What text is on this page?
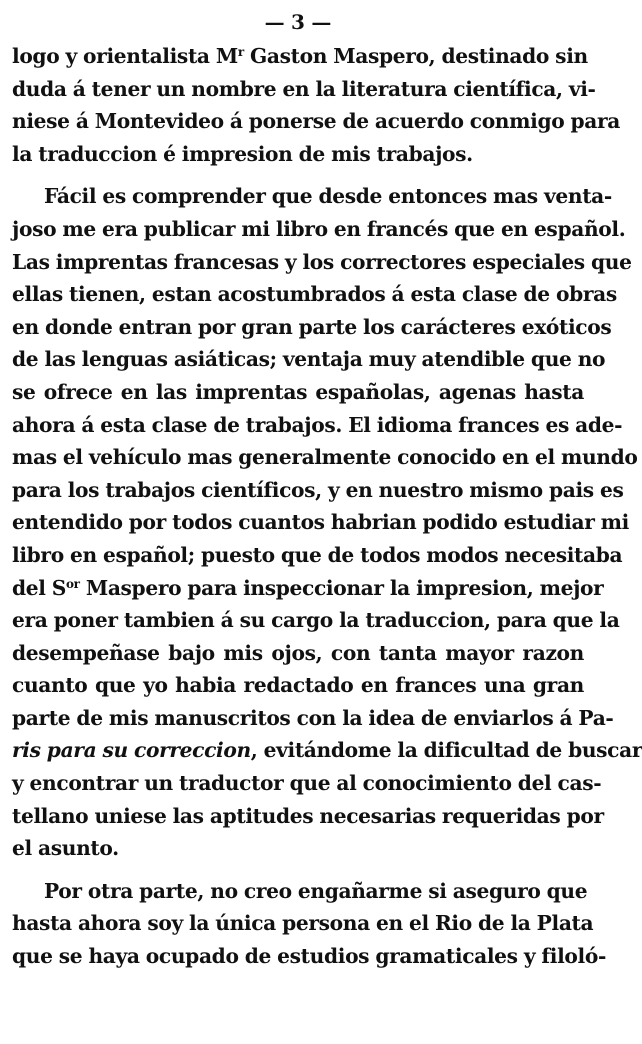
— 3 —
logo y orientalista $M^r$ Gaston Maspero, destinado sin
duda á tener un nombre en la literatura científica, vi-
niese á Montevideo á ponerse de acuerdo conmigo para
la traduccion é impresion de mis trabajos.
Fácil es comprender que desde entonces mas venta-
joso me era publicar mi libro en francés que en español.
Las imprentas francesas y los correctores especiales que
ellas tienen, estan acostumbrados á esta clase de obras
en donde entran por gran parte los carácteres exóticos
de las lenguas asiáticas; ventaja muy atendible que no
se ofrece en las imprentas españolas, agenas hasta
ahora á esta clase de trabajos. El idioma frances es ade-
mas el vehículo mas generalmente conocido en el mundo
para los trabajos científicos, y en nuestro mismo pais es
entendido por todos cuantos habrian podido estudiar mi
libro en español; puesto que de todos modos necesitaba
del $S^{or}$ Maspero para inspeccionar la impresion, mejor
era poner tambien á su cargo la traduccion, para que la
desempeñase bajo mis ojos, con tanta mayor razon
cuanto que yo habia redactado en frances una gran
parte de mis manuscritos con la idea de enviarlos á Pa-
ris para su correccion, evitándome la dificultad de buscar
y encontrar un traductor que al conocimiento del cas-
tellano uniese las aptitudes necesarias requeridas por
el asunto.
Por otra parte, no creo engañarme si aseguro que
hasta ahora soy la única persona en el Rio de la Plata
que se haya ocupado de estudios gramaticales y filoló-
